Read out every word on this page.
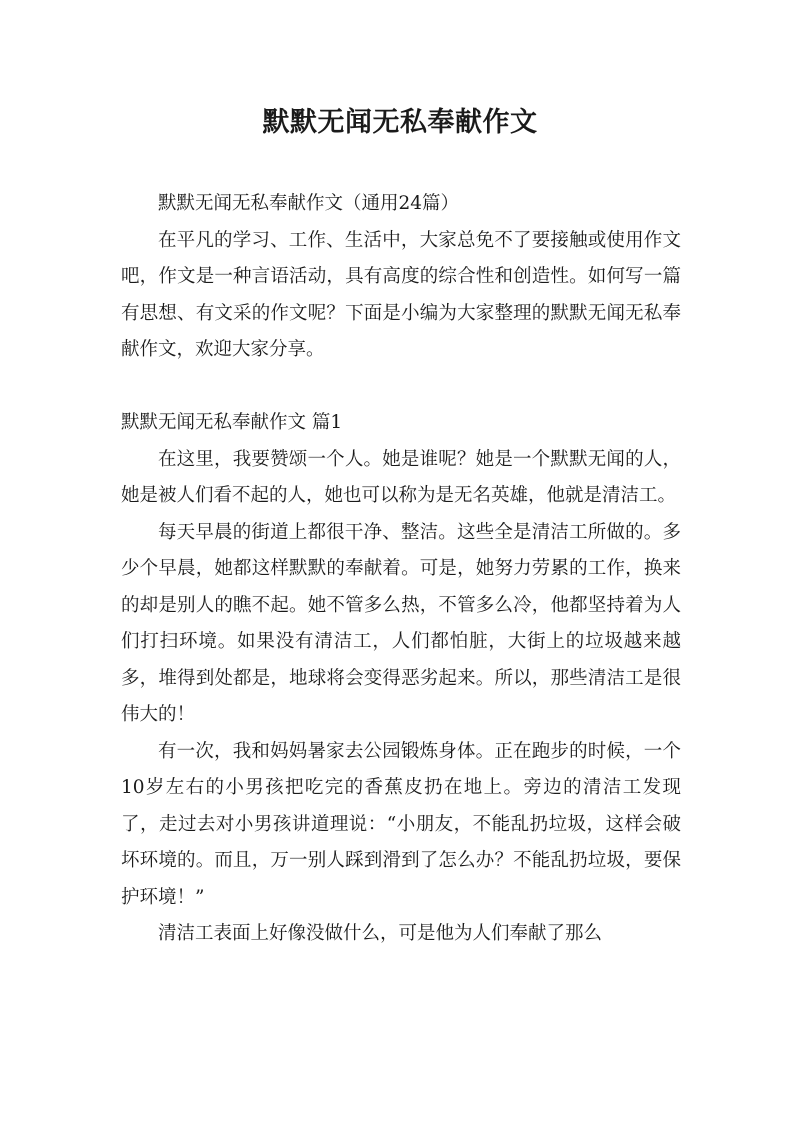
默默无闻无私奉献作文

默默无闻无私奉献作文（通用24篇）

在平凡的学习、工作、生活中，大家总免不了要接触或使用作文吧，作文是一种言语活动，具有高度的综合性和创造性。如何写一篇有思想、有文采的作文呢？下面是小编为大家整理的默默无闻无私奉献作文，欢迎大家分享。

默默无闻无私奉献作文 篇1

在这里，我要赞颂一个人。她是谁呢？她是一个默默无闻的人，她是被人们看不起的人，她也可以称为是无名英雄，他就是清洁工。

每天早晨的街道上都很干净、整洁。这些全是清洁工所做的。多少个早晨，她都这样默默的奉献着。可是，她努力劳累的工作，换来的却是别人的瞧不起。她不管多么热，不管多么冷，他都坚持着为人们打扫环境。如果没有清洁工，人们都怕脏，大街上的垃圾越来越多，堆得到处都是，地球将会变得恶劣起来。所以，那些清洁工是很伟大的！

有一次，我和妈妈暑家去公园锻炼身体。正在跑步的时候，一个10岁左右的小男孩把吃完的香蕉皮扔在地上。旁边的清洁工发现了，走过去对小男孩讲道理说：“小朋友，不能乱扔垃圾，这样会破坏环境的。而且，万一别人踩到滑到了怎么办？不能乱扔垃圾，要保护环境！”

清洁工表面上好像没做什么，可是他为人们奉献了那么
